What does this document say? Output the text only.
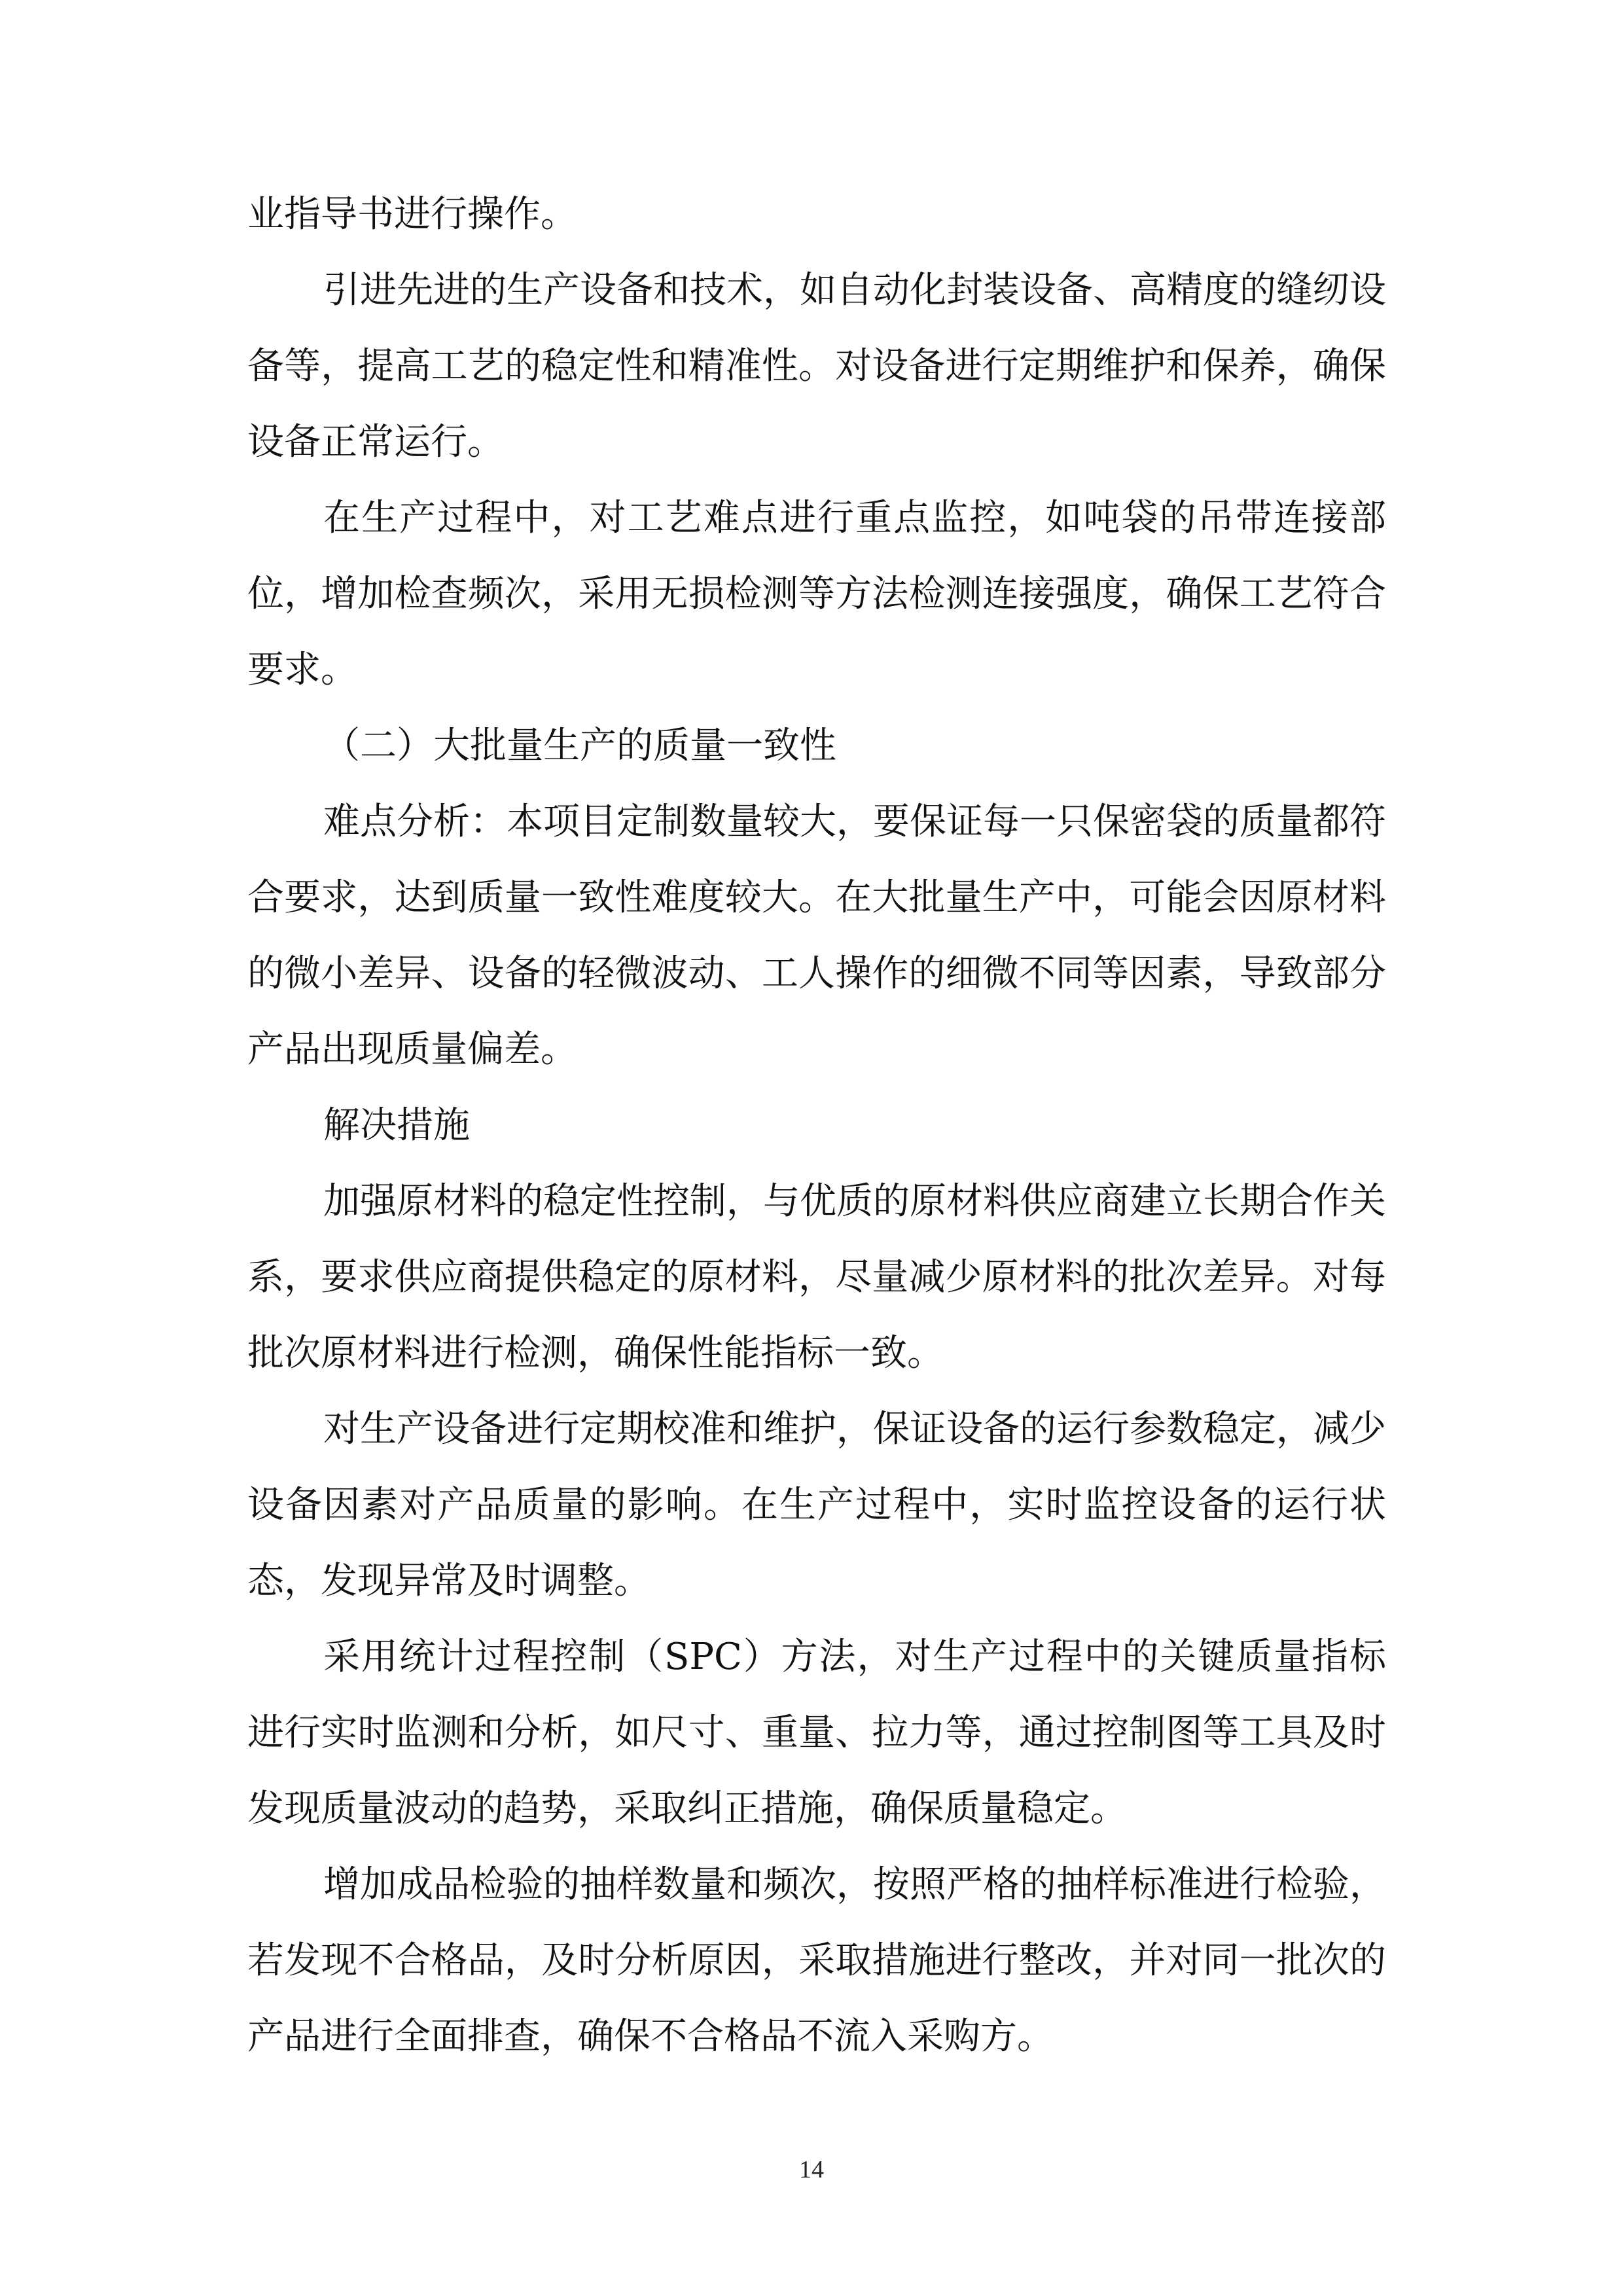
业指导书进行操作。

引进先进的生产设备和技术，如自动化封装设备、高精度的缝纫设备等，提高工艺的稳定性和精准性。对设备进行定期维护和保养，确保设备正常运行。

在生产过程中，对工艺难点进行重点监控，如吨袋的吊带连接部位，增加检查频次，采用无损检测等方法检测连接强度，确保工艺符合要求。

（二）大批量生产的质量一致性

难点分析：本项目定制数量较大，要保证每一只保密袋的质量都符合要求，达到质量一致性难度较大。在大批量生产中，可能会因原材料的微小差异、设备的轻微波动、工人操作的细微不同等因素，导致部分产品出现质量偏差。

解决措施

加强原材料的稳定性控制，与优质的原材料供应商建立长期合作关系，要求供应商提供稳定的原材料，尽量减少原材料的批次差异。对每批次原材料进行检测，确保性能指标一致。

对生产设备进行定期校准和维护，保证设备的运行参数稳定，减少设备因素对产品质量的影响。在生产过程中，实时监控设备的运行状态，发现异常及时调整。

采用统计过程控制（SPC）方法，对生产过程中的关键质量指标进行实时监测和分析，如尺寸、重量、拉力等，通过控制图等工具及时发现质量波动的趋势，采取纠正措施，确保质量稳定。

增加成品检验的抽样数量和频次，按照严格的抽样标准进行检验，若发现不合格品，及时分析原因，采取措施进行整改，并对同一批次的产品进行全面排查，确保不合格品不流入采购方。

14
